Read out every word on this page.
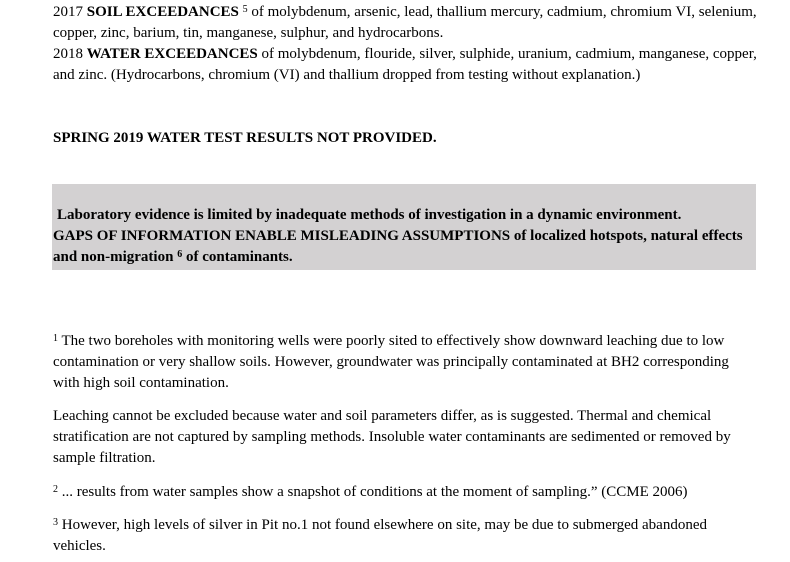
2017 SOIL EXCEEDANCES $^5$ of molybdenum, arsenic, lead, thallium mercury, cadmium, chromium VI, selenium, copper, zinc, barium, tin, manganese, sulphur, and hydrocarbons.

2018 WATER EXCEEDANCES of molybdenum, flouride, silver, sulphide, uranium, cadmium, manganese, copper, and zinc. (Hydrocarbons, chromium (VI) and thallium dropped from testing without explanation.)

SPRING 2019 WATER TEST RESULTS NOT PROVIDED.

Laboratory evidence is limited by inadequate methods of investigation in a dynamic environment.
GAPS OF INFORMATION ENABLE MISLEADING ASSUMPTIONS of localized hotspots, natural effects and non-migration $^6$ of contaminants.

$^1$ The two boreholes with monitoring wells were poorly sited to effectively show downward leaching due to low contamination or very shallow soils. However, groundwater was principally contaminated at BH2 corresponding with high soil contamination.

Leaching cannot be excluded because water and soil parameters differ, as is suggested. Thermal and chemical stratification are not captured by sampling methods. Insoluble water contaminants are sedimented or removed by sample filtration.

$^2$ ... results from water samples show a snapshot of conditions at the moment of sampling.” (CCME 2006)

$^3$ However, high levels of silver in Pit no.1 not found elsewhere on site, may be due to submerged abandoned vehicles.
